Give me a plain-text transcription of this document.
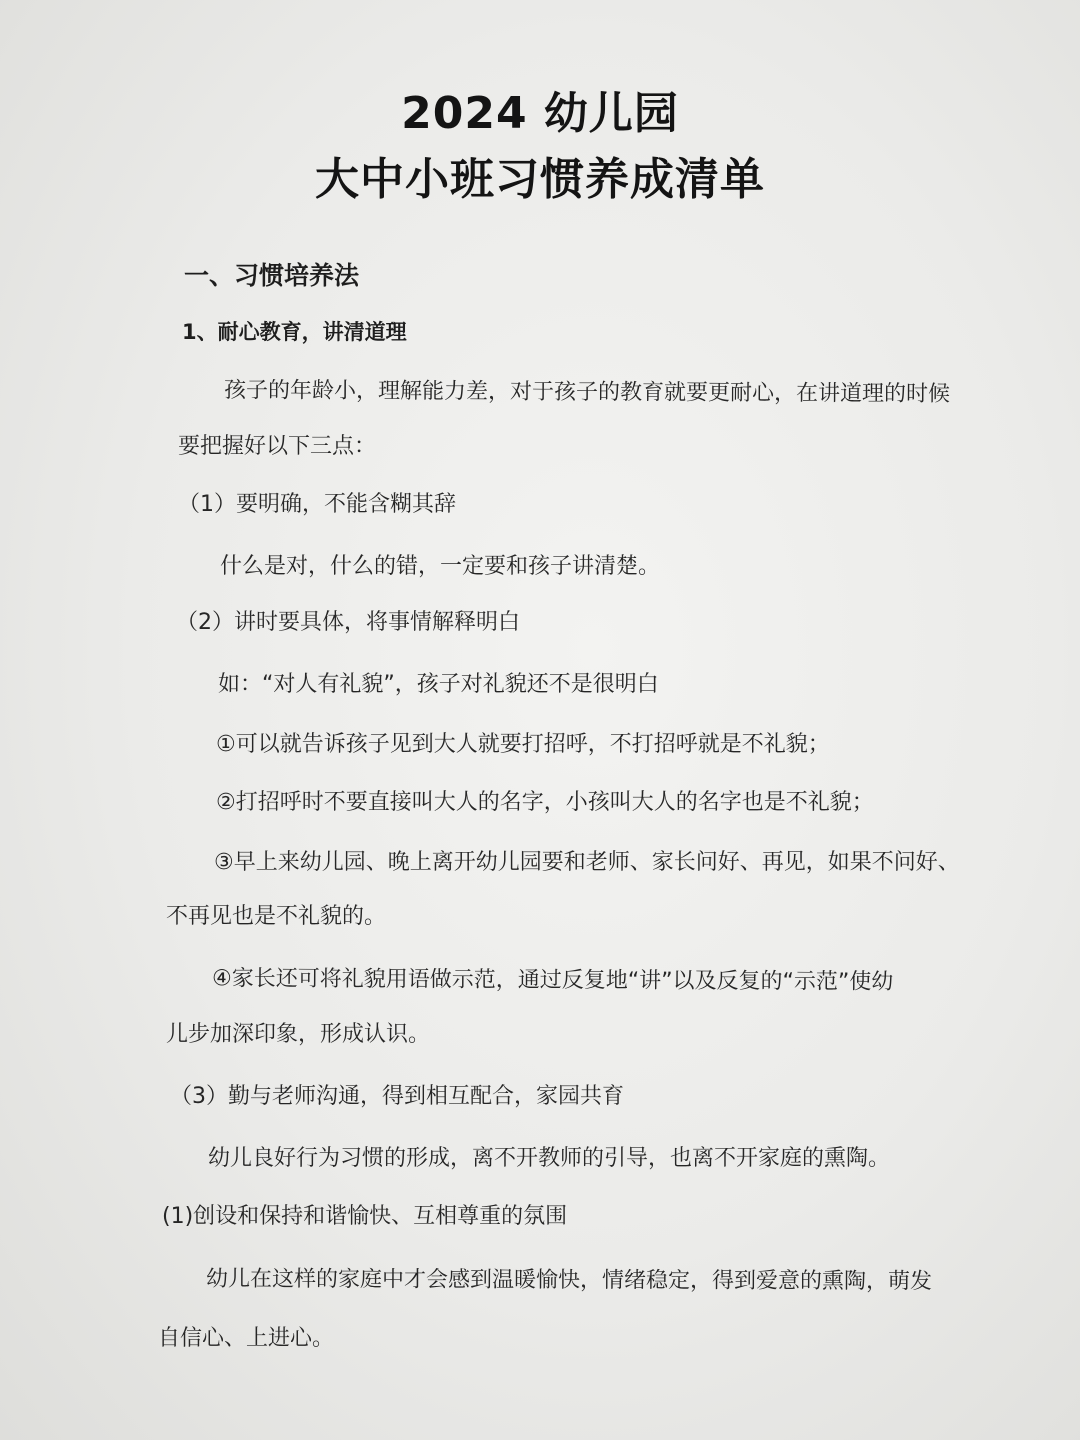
2024 幼儿园
大中小班习惯养成清单
一、习惯培养法
1、耐心教育，讲清道理
孩子的年龄小，理解能力差，对于孩子的教育就要更耐心，在讲道理的时候
要把握好以下三点：
（1）要明确，不能含糊其辞
什么是对，什么的错，一定要和孩子讲清楚。
（2）讲时要具体，将事情解释明白
如：“对人有礼貌”，孩子对礼貌还不是很明白
①可以就告诉孩子见到大人就要打招呼，不打招呼就是不礼貌；
②打招呼时不要直接叫大人的名字，小孩叫大人的名字也是不礼貌；
③早上来幼儿园、晚上离开幼儿园要和老师、家长问好、再见，如果不问好、
不再见也是不礼貌的。
④家长还可将礼貌用语做示范，通过反复地“讲”以及反复的“示范”使幼
儿步加深印象，形成认识。
（3）勤与老师沟通，得到相互配合，家园共育
幼儿良好行为习惯的形成，离不开教师的引导，也离不开家庭的熏陶。
(1)创设和保持和谐愉快、互相尊重的氛围
幼儿在这样的家庭中才会感到温暖愉快，情绪稳定，得到爱意的熏陶，萌发
自信心、上进心。
